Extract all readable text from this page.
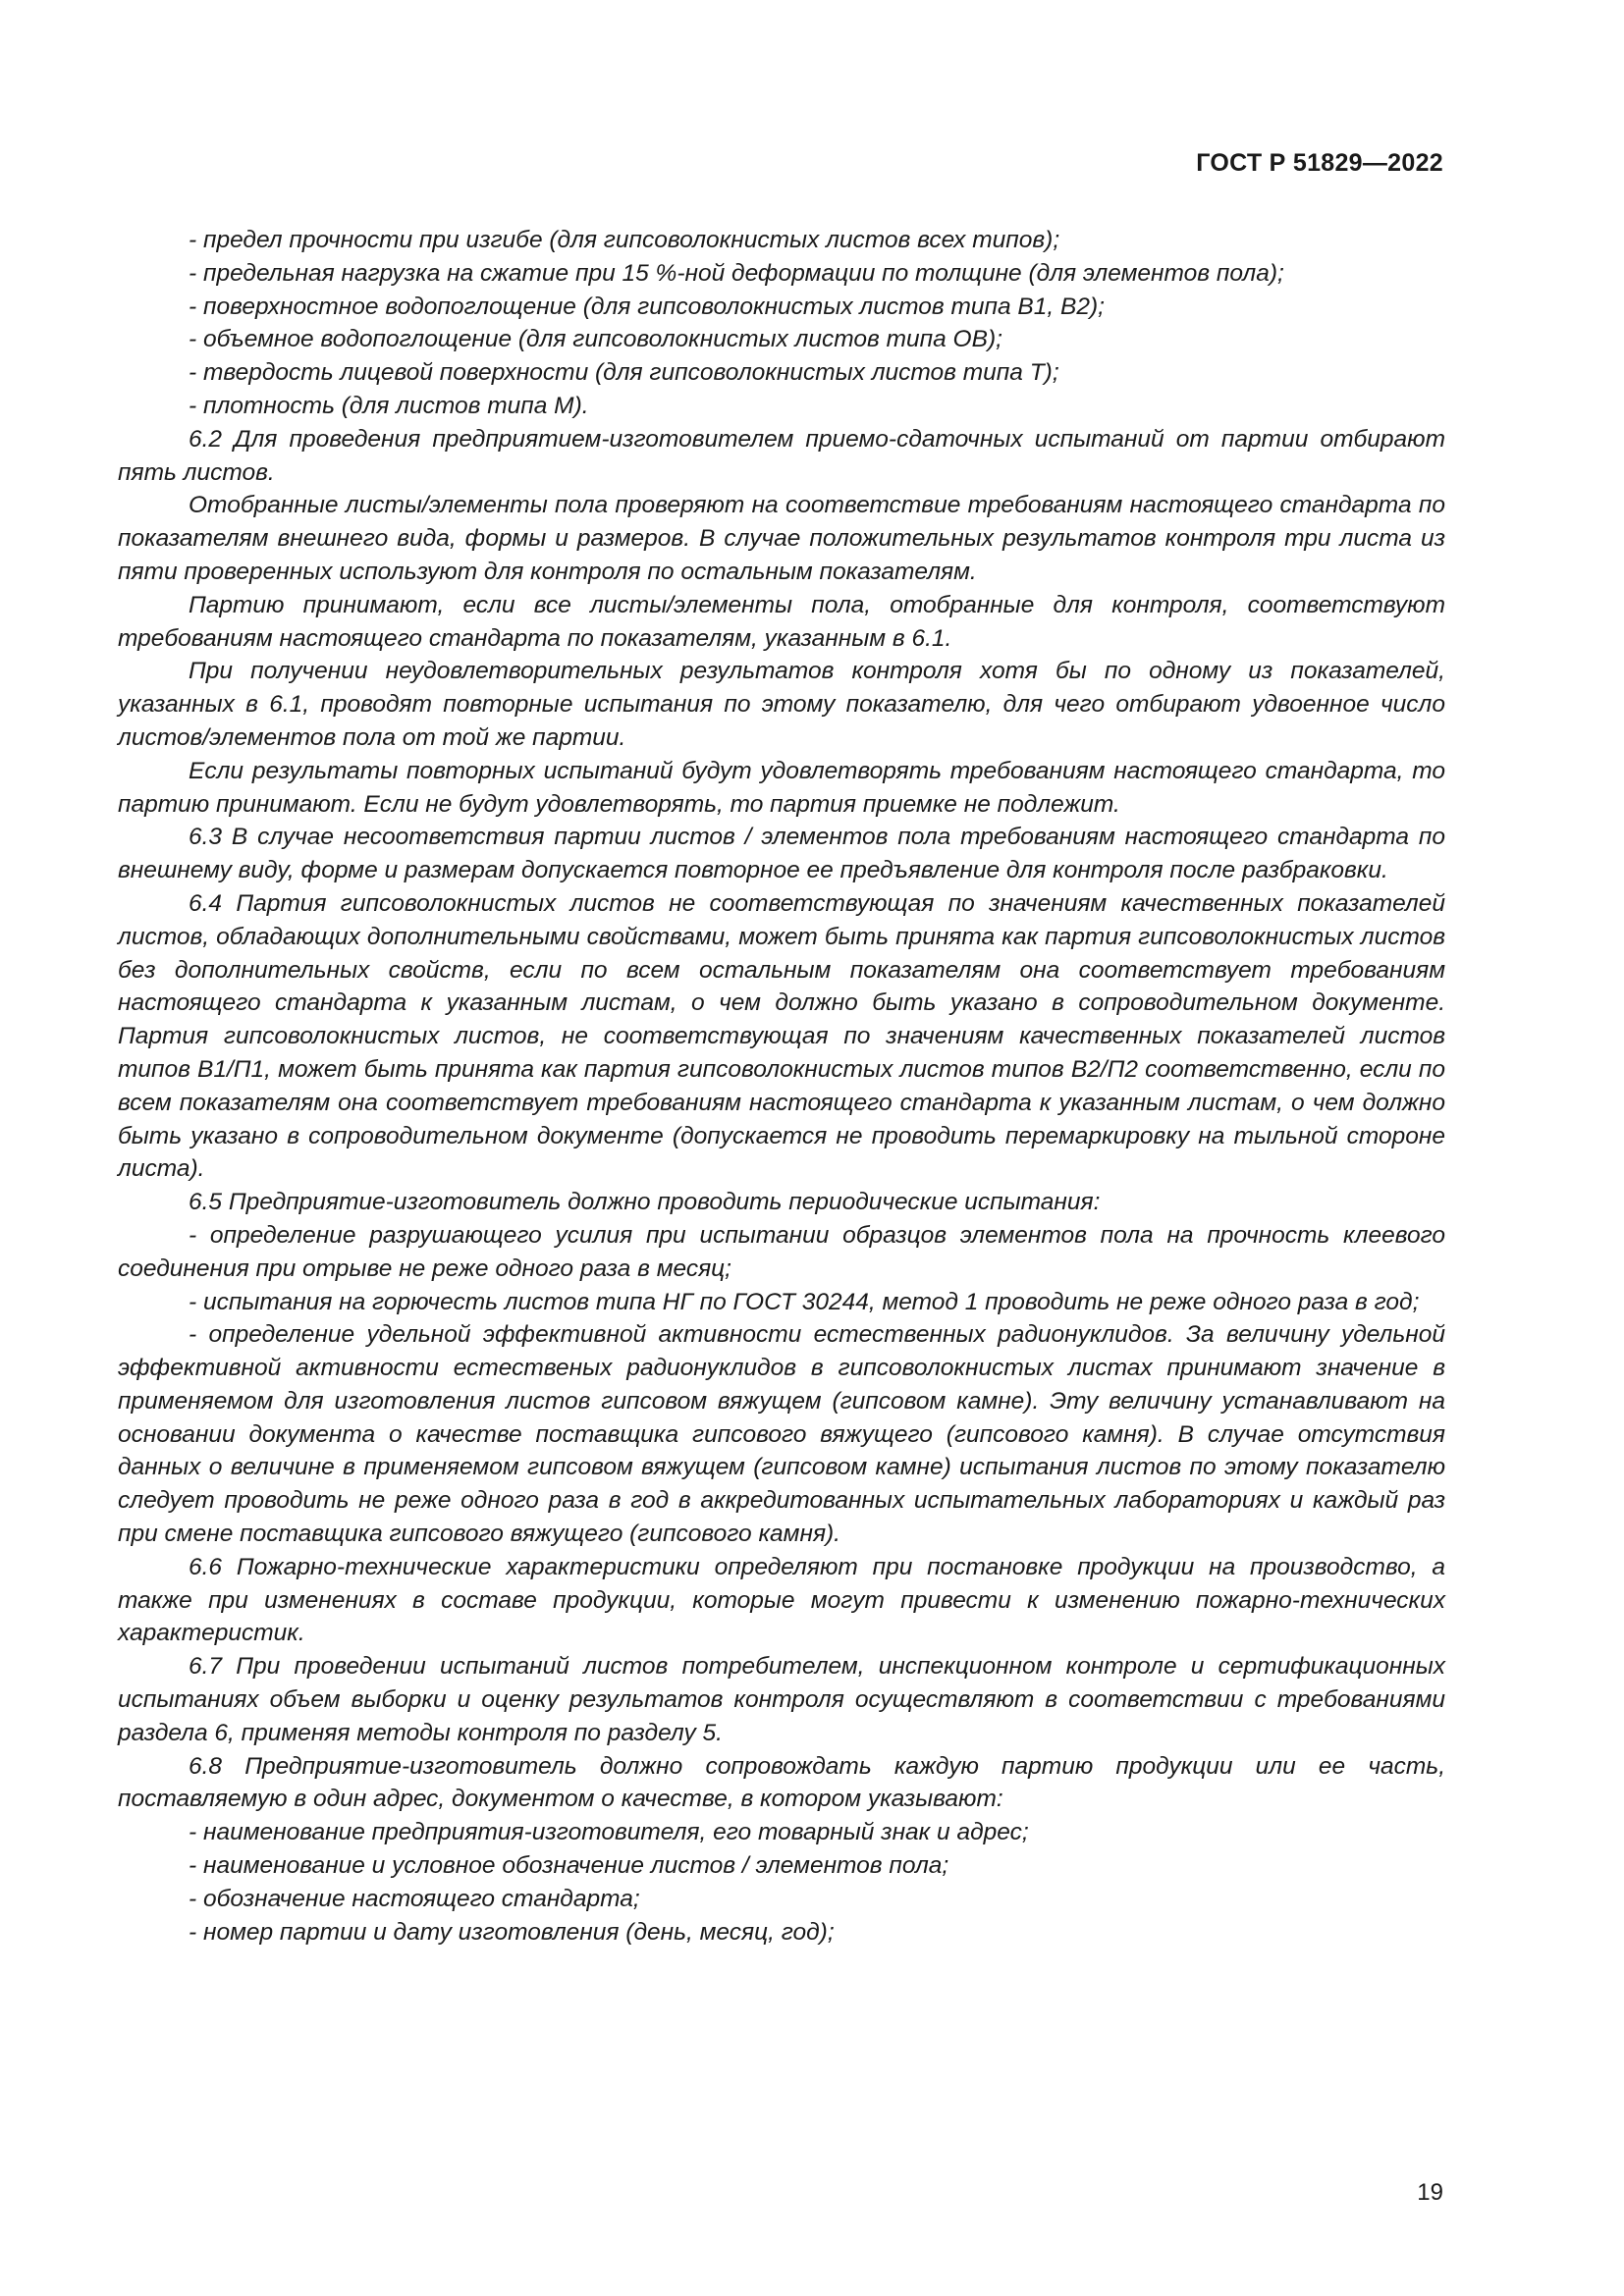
ГОСТ Р 51829—2022

- предел прочности при изгибе (для гипсоволокнистых листов всех типов);

- предельная нагрузка на сжатие при 15 %-ной деформации по толщине (для элементов пола);

- поверхностное водопоглощение (для гипсоволокнистых листов типа В1, В2);

- объемное водопоглощение (для гипсоволокнистых листов типа ОВ);

- твердость лицевой поверхности (для гипсоволокнистых листов типа Т);

- плотность (для листов типа М).

6.2 Для проведения предприятием-изготовителем приемо-сдаточных испытаний от партии отбирают пять листов.

Отобранные листы/элементы пола проверяют на соответствие требованиям настоящего стандарта по показателям внешнего вида, формы и размеров. В случае положительных результатов контроля три листа из пяти проверенных используют для контроля по остальным показателям.

Партию принимают, если все листы/элементы пола, отобранные для контроля, соответствуют требованиям настоящего стандарта по показателям, указанным в 6.1.

При получении неудовлетворительных результатов контроля хотя бы по одному из показателей, указанных в 6.1, проводят повторные испытания по этому показателю, для чего отбирают удвоенное число листов/элементов пола от той же партии.

Если результаты повторных испытаний будут удовлетворять требованиям настоящего стандарта, то партию принимают. Если не будут удовлетворять, то партия приемке не подлежит.

6.3 В случае несоответствия партии листов / элементов пола требованиям настоящего стандарта по внешнему виду, форме и размерам допускается повторное ее предъявление для контроля после разбраковки.

6.4 Партия гипсоволокнистых листов не соответствующая по значениям качественных показателей листов, обладающих дополнительными свойствами, может быть принята как партия гипсоволокнистых листов без дополнительных свойств, если по всем остальным показателям она соответствует требованиям настоящего стандарта к указанным листам, о чем должно быть указано в сопроводительном документе. Партия гипсоволокнистых листов, не соответствующая по значениям качественных показателей листов типов В1/П1, может быть принята как партия гипсоволокнистых листов типов В2/П2 соответственно, если по всем показателям она соответствует требованиям настоящего стандарта к указанным листам, о чем должно быть указано в сопроводительном документе (допускается не проводить перемаркировку на тыльной стороне листа).

6.5 Предприятие-изготовитель должно проводить периодические испытания:

- определение разрушающего усилия при испытании образцов элементов пола на прочность клеевого соединения при отрыве не реже одного раза в месяц;

- испытания на горючесть листов типа НГ по ГОСТ 30244, метод 1 проводить не реже одного раза в год;

- определение удельной эффективной активности естественных радионуклидов. За величину удельной эффективной активности естественых радионуклидов в гипсоволокнистых листах принимают значение в применяемом для изготовления листов гипсовом вяжущем (гипсовом камне). Эту величину устанавливают на основании документа о качестве поставщика гипсового вяжущего (гипсового камня). В случае отсутствия данных о величине в применяемом гипсовом вяжущем (гипсовом камне) испытания листов по этому показателю следует проводить не реже одного раза в год в аккредитованных испытательных лабораториях и каждый раз при смене поставщика гипсового вяжущего (гипсового камня).

6.6 Пожарно-технические характеристики определяют при постановке продукции на производство, а также при изменениях в составе продукции, которые могут привести к изменению пожарно-технических характеристик.

6.7 При проведении испытаний листов потребителем, инспекционном контроле и сертификационных испытаниях объем выборки и оценку результатов контроля осуществляют в соответствии с требованиями раздела 6, применяя методы контроля по разделу 5.

6.8 Предприятие-изготовитель должно сопровождать каждую партию продукции или ее часть, поставляемую в один адрес, документом о качестве, в котором указывают:

- наименование предприятия-изготовителя, его товарный знак и адрес;

- наименование и условное обозначение листов / элементов пола;

- обозначение настоящего стандарта;

- номер партии и дату изготовления (день, месяц, год);

19
